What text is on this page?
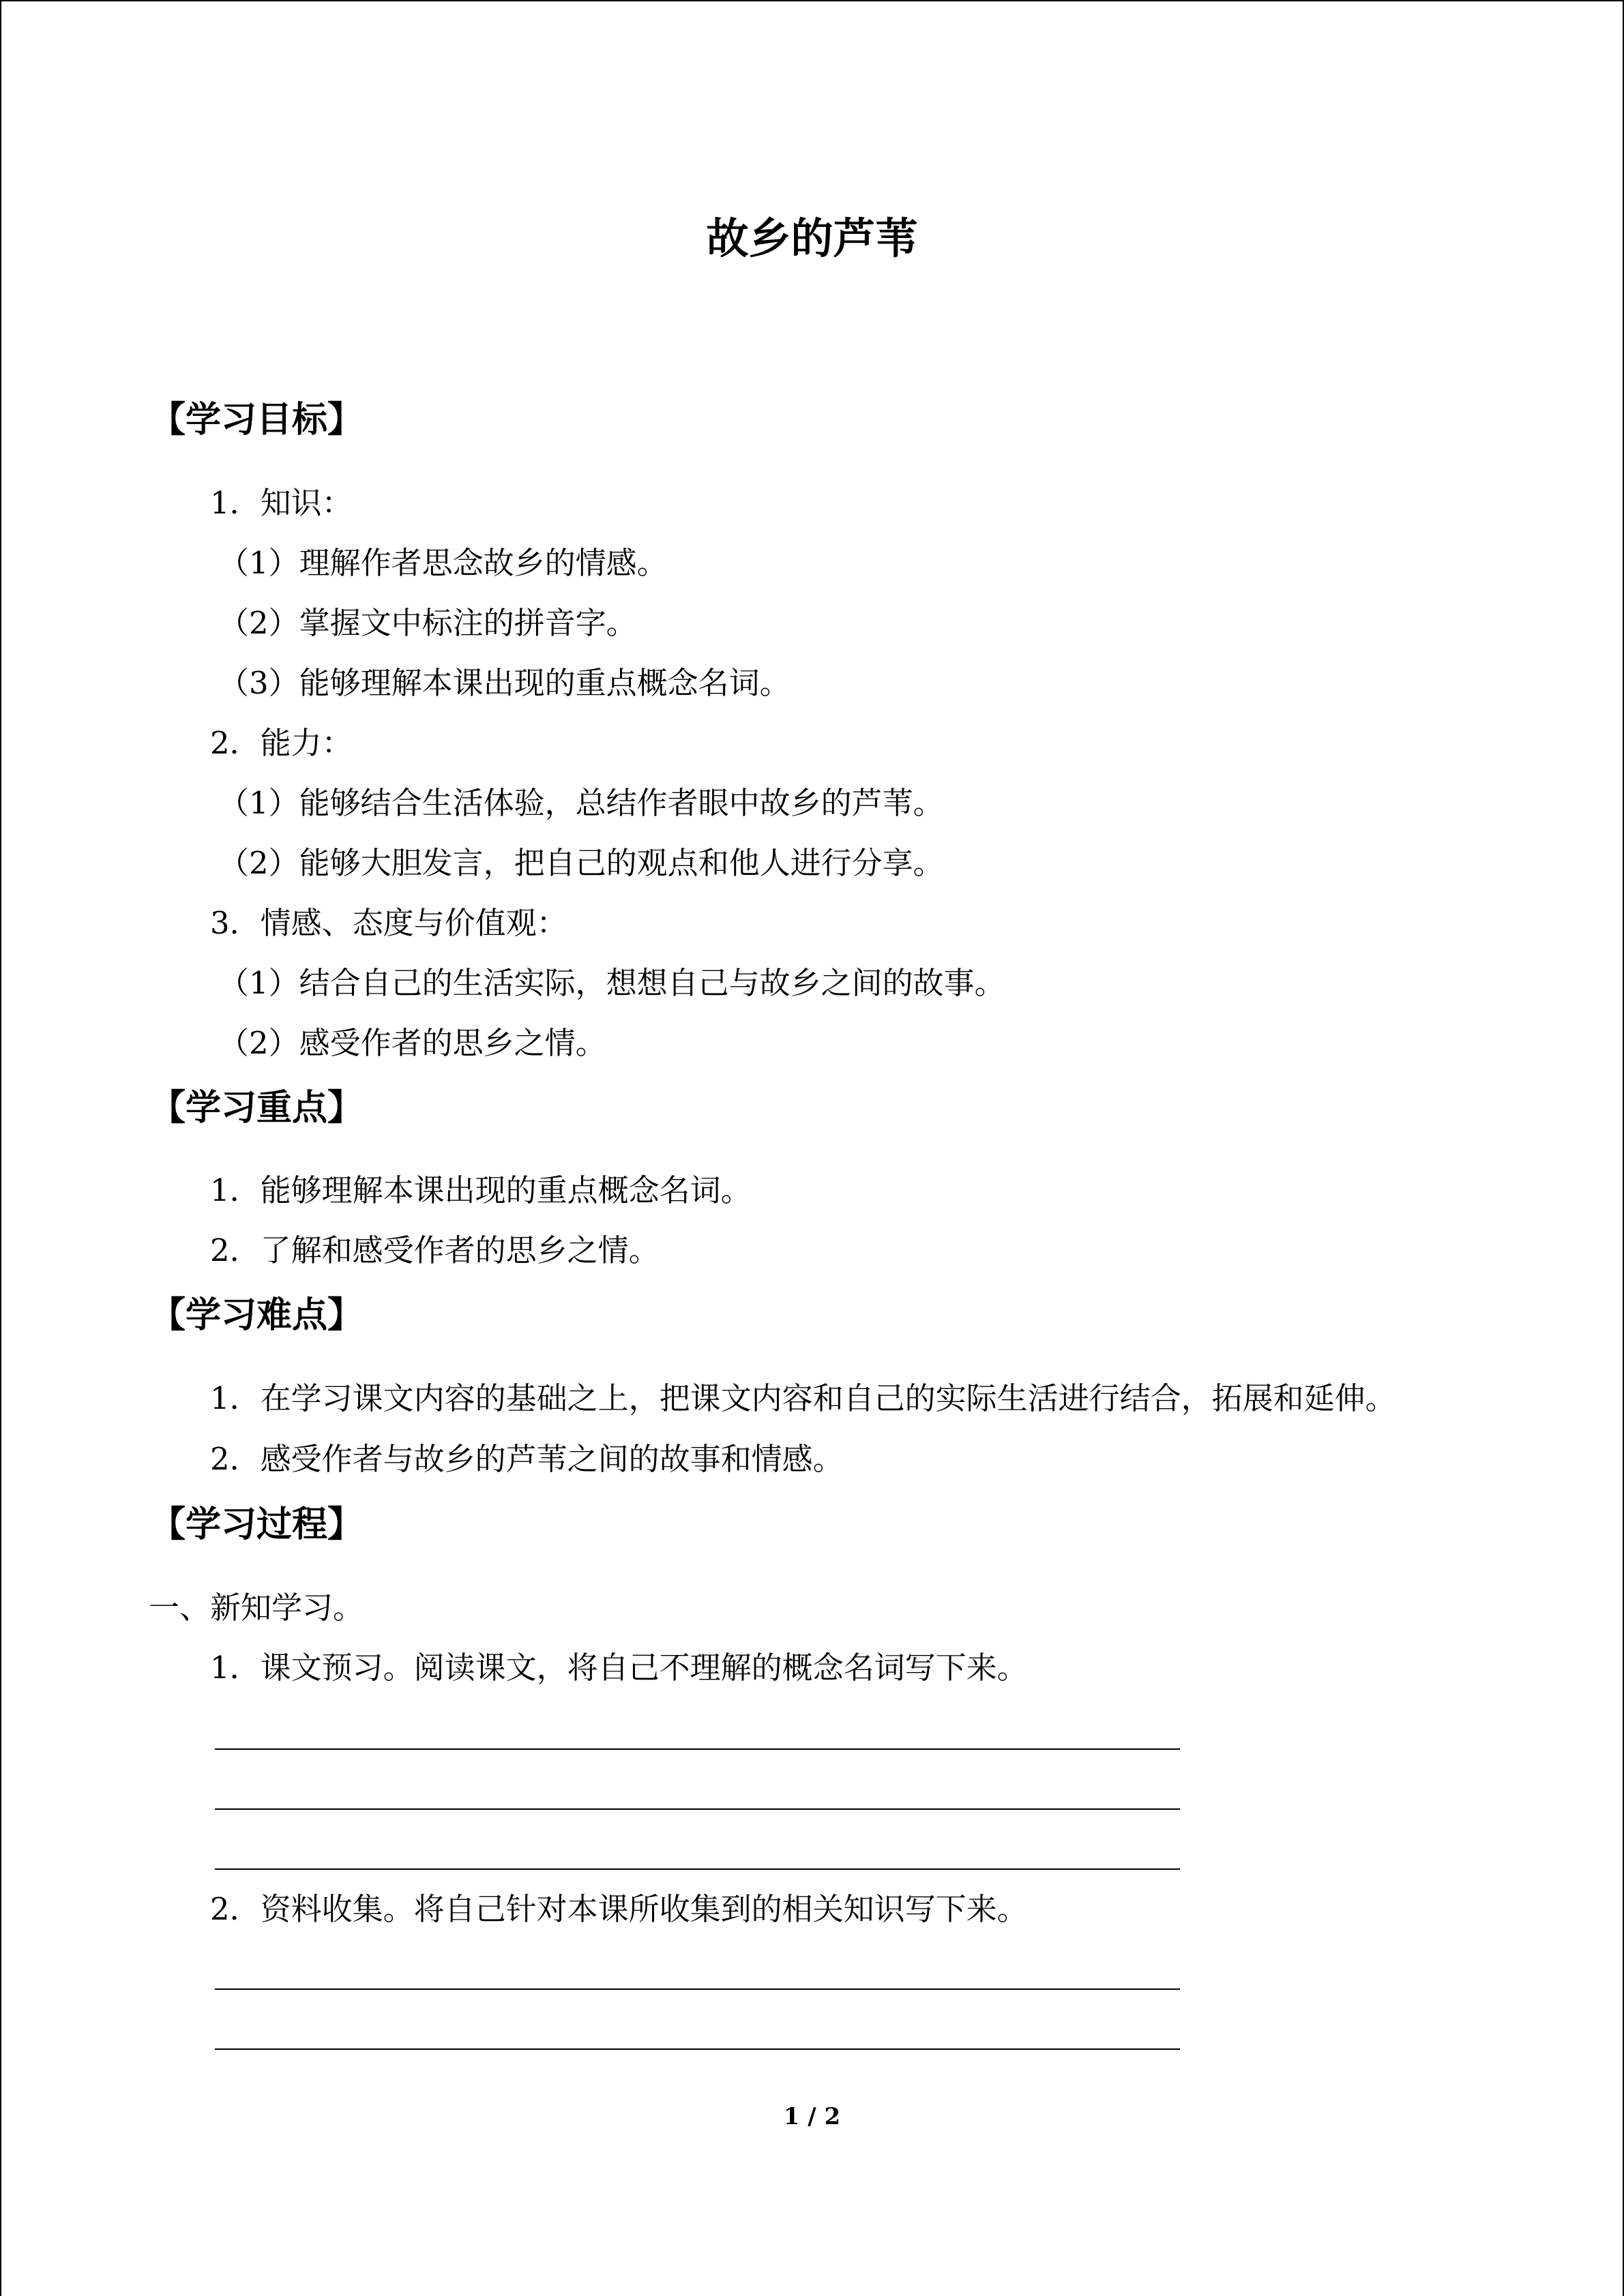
故乡的芦苇
【学习目标】
1．知识：
（1）理解作者思念故乡的情感。
（2）掌握文中标注的拼音字。
（3）能够理解本课出现的重点概念名词。
2．能力：
（1）能够结合生活体验，总结作者眼中故乡的芦苇。
（2）能够大胆发言，把自己的观点和他人进行分享。
3．情感、态度与价值观：
（1）结合自己的生活实际，想想自己与故乡之间的故事。
（2）感受作者的思乡之情。
【学习重点】
1．能够理解本课出现的重点概念名词。
2．了解和感受作者的思乡之情。
【学习难点】
1．在学习课文内容的基础之上，把课文内容和自己的实际生活进行结合，拓展和延伸。
2．感受作者与故乡的芦苇之间的故事和情感。
【学习过程】
一、新知学习。
1．课文预习。阅读课文，将自己不理解的概念名词写下来。
2．资料收集。将自己针对本课所收集到的相关知识写下来。
1 / 2
